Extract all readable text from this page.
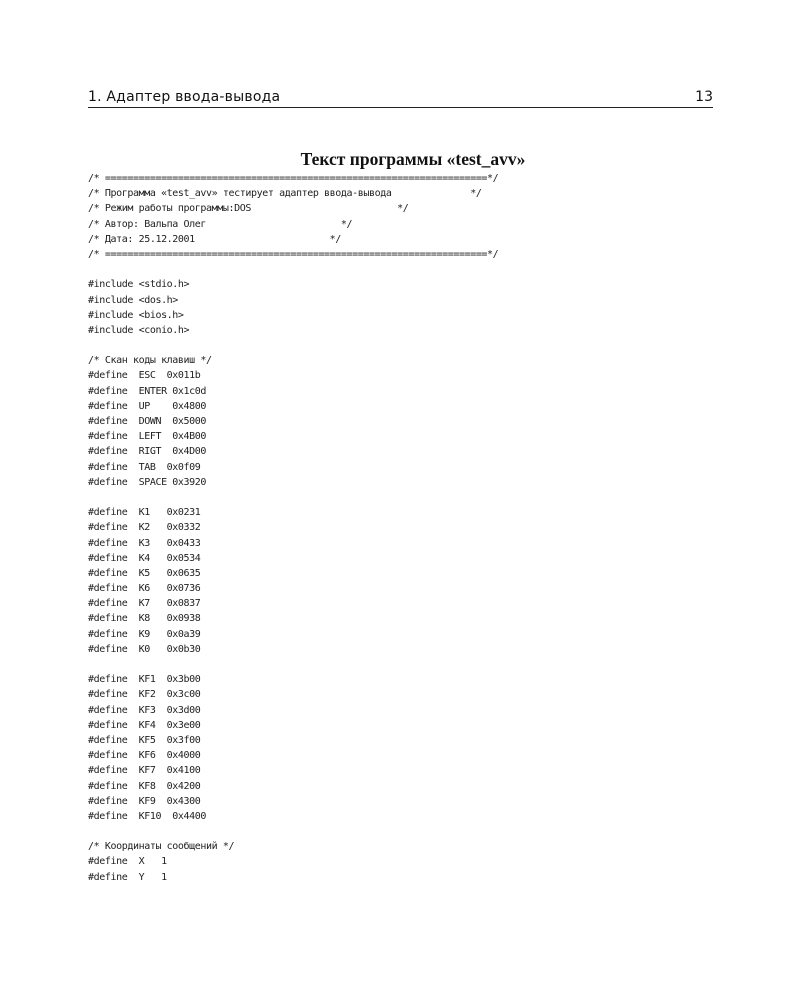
1. Адаптер ввода-вывода	13
Текст программы «test_avv»
/* ====================================================================*/
/* Программа «test_avv» тестирует адаптер ввода-вывода              */
/* Режим работы программы:DOS                          */
/* Автор: Вальпа Олег                        */
/* Дата: 25.12.2001                        */
/* ====================================================================*/
#include <stdio.h>
#include <dos.h>
#include <bios.h>
#include <conio.h>
/* Скан коды клавиш */
#define  ESC  0x011b
#define  ENTER 0x1c0d
#define  UP    0x4800
#define  DOWN  0x5000
#define  LEFT  0x4B00
#define  RIGT  0x4D00
#define  TAB  0x0f09
#define  SPACE 0x3920
#define  K1   0x0231
#define  K2   0x0332
#define  K3   0x0433
#define  K4   0x0534
#define  K5   0x0635
#define  K6   0x0736
#define  K7   0x0837
#define  K8   0x0938
#define  K9   0x0a39
#define  K0   0x0b30
#define  KF1  0x3b00
#define  KF2  0x3c00
#define  KF3  0x3d00
#define  KF4  0x3e00
#define  KF5  0x3f00
#define  KF6  0x4000
#define  KF7  0x4100
#define  KF8  0x4200
#define  KF9  0x4300
#define  KF10  0x4400
/* Координаты сообщений */
#define  X   1
#define  Y   1
